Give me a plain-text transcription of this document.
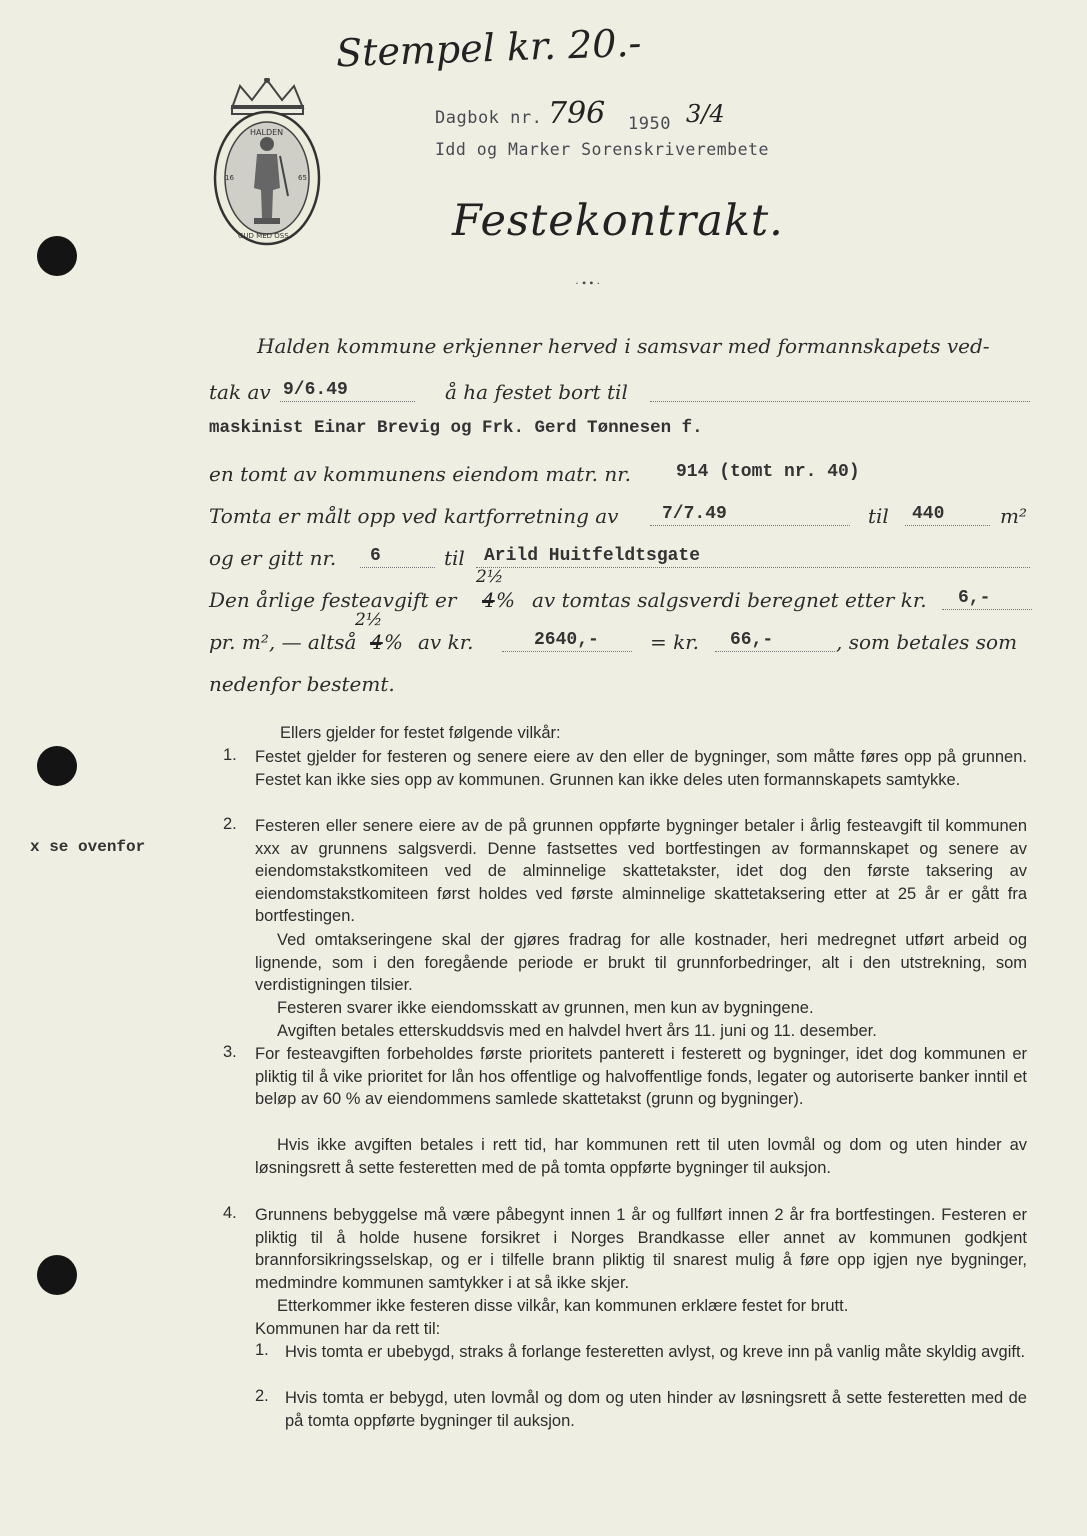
Stempel kr. 20.-
HALDEN
GUD MED OSS
16	65
Dagbok nr. 796 1950 3/4
Idd og Marker Sorenskriverembete
Festekontrakt.
·••·
Halden kommune erkjenner herved i samsvar med formannskapets ved-
tak av 9/6.49	å ha festet bort til
maskinist Einar Brevig og Frk. Gerd Tønnesen f.
en tomt av kommunens eiendom matr. nr. 914 (tomt nr. 40)
Tomta er målt opp ved kartforretning av 7/7.49	til 440	m²
og er gitt nr. 6	til Arild Huitfeldtsgate
2½
Den årlige festeavgift er 4 % av tomtas salgsverdi beregnet etter kr. 6,-
2½
pr. m², — altså 4 % av kr.	2640,-	= kr. 66,-	, som betales som
nedenfor bestemt.
x se ovenfor
Ellers gjelder for festet følgende vilkår:
1. Festet gjelder for festeren og senere eiere av den eller de bygninger, som måtte føres opp på grunnen. Festet kan ikke sies opp av kommunen. Grunnen kan ikke deles uten formannskapets samtykke.
2. Festeren eller senere eiere av de på grunnen oppførte bygninger betaler i årlig festeavgift til kommunen xxx av grunnens salgsverdi. Denne fastsettes ved bortfestingen av formannskapet og senere av eiendomstakstkomiteen ved de alminnelige skattetakster, idet dog den første taksering av eiendomstakstkomiteen først holdes ved første alminnelige skattetaksering etter at 25 år er gått fra bortfestingen.
Ved omtakseringene skal der gjøres fradrag for alle kostnader, heri medregnet utført arbeid og lignende, som i den foregående periode er brukt til grunnforbedringer, alt i den utstrekning, som verdistigningen tilsier.
Festeren svarer ikke eiendomsskatt av grunnen, men kun av bygningene.
Avgiften betales etterskuddsvis med en halvdel hvert års 11. juni og 11. desember.
3. For festeavgiften forbeholdes første prioritets panterett i festerett og bygninger, idet dog kommunen er pliktig til å vike prioritet for lån hos offentlige og halvoffentlige fonds, legater og autoriserte banker inntil et beløp av 60 % av eiendommens samlede skattetakst (grunn og bygninger).
Hvis ikke avgiften betales i rett tid, har kommunen rett til uten lovmål og dom og uten hinder av løsningsrett å sette festeretten med de på tomta oppførte bygninger til auksjon.
4. Grunnens bebyggelse må være påbegynt innen 1 år og fullført innen 2 år fra bortfestingen. Festeren er pliktig til å holde husene forsikret i Norges Brandkasse eller annet av kommunen godkjent brannforsikringsselskap, og er i tilfelle brann pliktig til snarest mulig å føre opp igjen nye bygninger, medmindre kommunen samtykker i at så ikke skjer.
Etterkommer ikke festeren disse vilkår, kan kommunen erklære festet for brutt.
Kommunen har da rett til:
1. Hvis tomta er ubebygd, straks å forlange festeretten avlyst, og kreve inn på vanlig måte skyldig avgift.
2. Hvis tomta er bebygd, uten lovmål og dom og uten hinder av løsningsrett å sette festeretten med de på tomta oppførte bygninger til auksjon.
